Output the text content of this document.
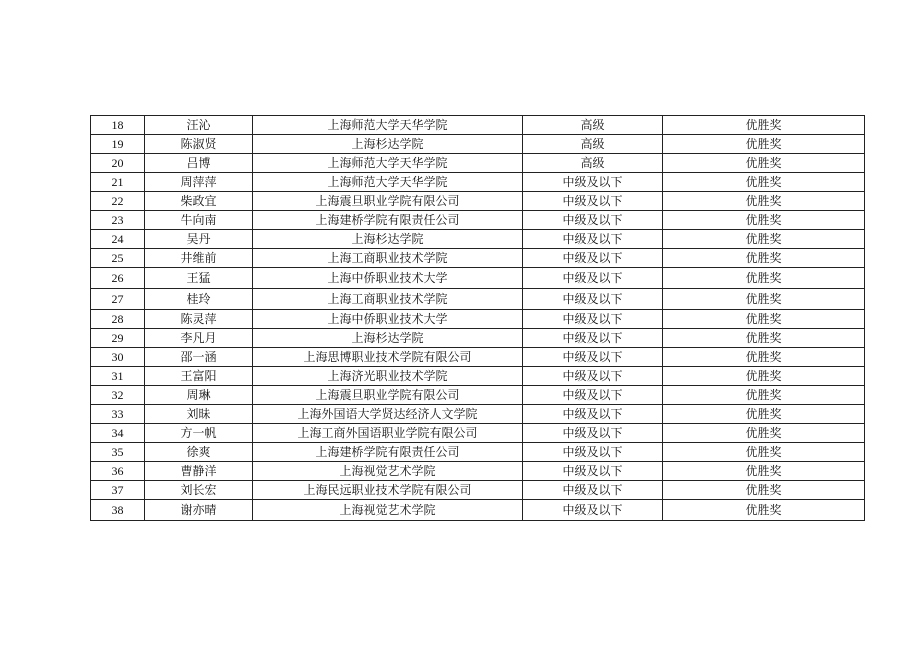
18	汪沁	上海师范大学天华学院	高级	优胜奖
19	陈淑贤	上海杉达学院	高级	优胜奖
20	吕博	上海师范大学天华学院	高级	优胜奖
21	周萍萍	上海师范大学天华学院	中级及以下	优胜奖
22	柴政宜	上海震旦职业学院有限公司	中级及以下	优胜奖
23	牛向南	上海建桥学院有限责任公司	中级及以下	优胜奖
24	吴丹	上海杉达学院	中级及以下	优胜奖
25	井维前	上海工商职业技术学院	中级及以下	优胜奖
26	王猛	上海中侨职业技术大学	中级及以下	优胜奖
27	桂玲	上海工商职业技术学院	中级及以下	优胜奖
28	陈灵萍	上海中侨职业技术大学	中级及以下	优胜奖
29	李凡月	上海杉达学院	中级及以下	优胜奖
30	邵一涵	上海思博职业技术学院有限公司	中级及以下	优胜奖
31	王富阳	上海济光职业技术学院	中级及以下	优胜奖
32	周琳	上海震旦职业学院有限公司	中级及以下	优胜奖
33	刘昧	上海外国语大学贤达经济人文学院	中级及以下	优胜奖
34	方一帆	上海工商外国语职业学院有限公司	中级及以下	优胜奖
35	徐爽	上海建桥学院有限责任公司	中级及以下	优胜奖
36	曹静洋	上海视觉艺术学院	中级及以下	优胜奖
37	刘长宏	上海民远职业技术学院有限公司	中级及以下	优胜奖
38	谢亦晴	上海视觉艺术学院	中级及以下	优胜奖
